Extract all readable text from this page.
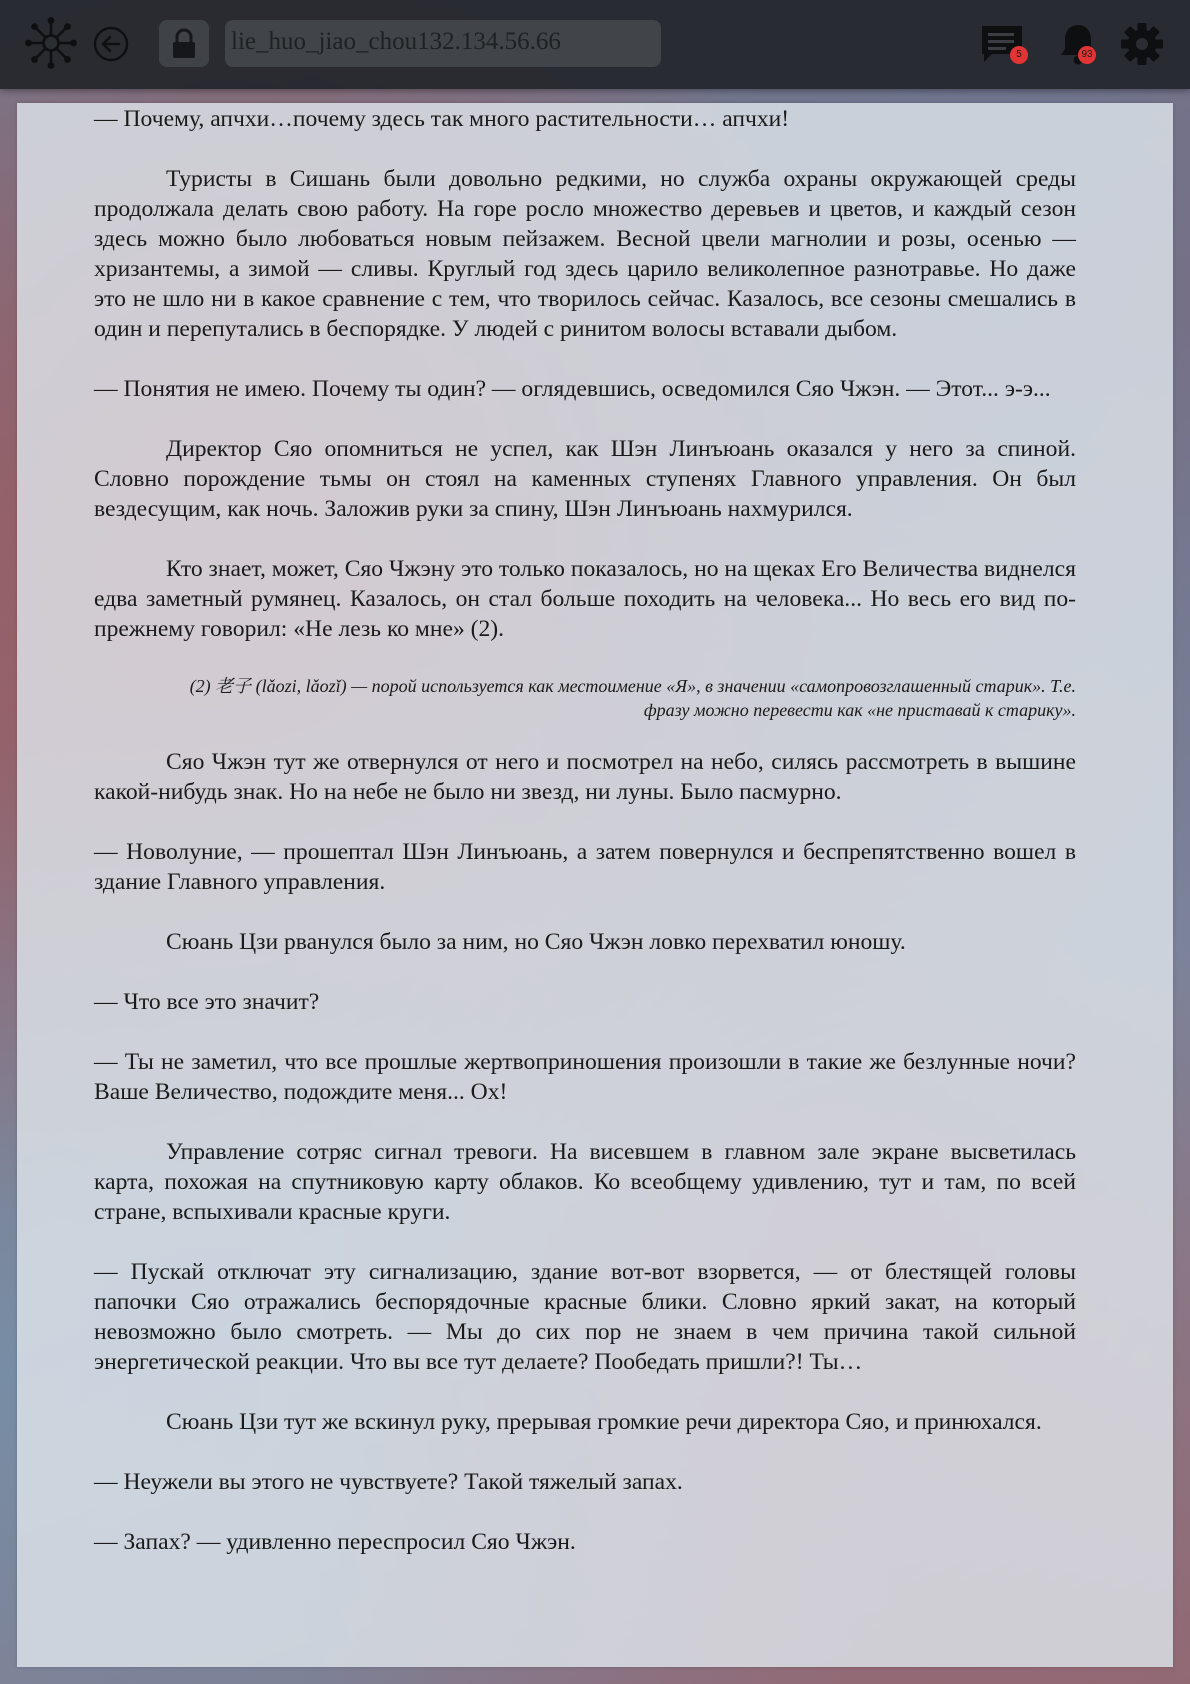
lie_huo_jiao_chou132.134.56.66	5	93

— Почему, апчхи…почему здесь так много растительности… апчхи!

Туристы в Сишань были довольно редкими, но служба охраны окружающей среды продолжала делать свою работу. На горе росло множество деревьев и цветов, и каждый сезон здесь можно было любоваться новым пейзажем. Весной цвели магнолии и розы, осенью — хризантемы, а зимой — сливы. Круглый год здесь царило великолепное разнотравье. Но даже это не шло ни в какое сравнение с тем, что творилось сейчас. Казалось, все сезоны смешались в один и перепутались в беспорядке. У людей с ринитом волосы вставали дыбом.

— Понятия не имею. Почему ты один? — оглядевшись, осведомился Сяо Чжэн. — Этот... э-э...

Директор Сяо опомниться не успел, как Шэн Линъюань оказался у него за спиной. Словно порождение тьмы он стоял на каменных ступенях Главного управления. Он был вездесущим, как ночь. Заложив руки за спину, Шэн Линъюань нахмурился.

Кто знает, может, Сяо Чжэну это только показалось, но на щеках Его Величества виднелся едва заметный румянец. Казалось, он стал больше походить на человека... Но весь его вид по-прежнему говорил: «Не лезь ко мне» (2).

(2) 老子 (lǎozi, lǎozǐ) — порой используется как местоимение «Я», в значении «самопровозглашенный старик». Т.е. фразу можно перевести как «не приставай к старику».

Сяо Чжэн тут же отвернулся от него и посмотрел на небо, силясь рассмотреть в вышине какой-нибудь знак. Но на небе не было ни звезд, ни луны. Было пасмурно.

— Новолуние, — прошептал Шэн Линъюань, а затем повернулся и беспрепятственно вошел в здание Главного управления.

Сюань Цзи рванулся было за ним, но Сяо Чжэн ловко перехватил юношу.

— Что все это значит?

— Ты не заметил, что все прошлые жертвоприношения произошли в такие же безлунные ночи? Ваше Величество, подождите меня... Ох!

Управление сотряс сигнал тревоги. На висевшем в главном зале экране высветилась карта, похожая на спутниковую карту облаков. Ко всеобщему удивлению, тут и там, по всей стране, вспыхивали красные круги.

— Пускай отключат эту сигнализацию, здание вот-вот взорвется, — от блестящей головы папочки Сяо отражались беспорядочные красные блики. Словно яркий закат, на который невозможно было смотреть. — Мы до сих пор не знаем в чем причина такой сильной энергетической реакции. Что вы все тут делаете? Пообедать пришли?! Ты…

Сюань Цзи тут же вскинул руку, прерывая громкие речи директора Сяо, и принюхался.

— Неужели вы этого не чувствуете? Такой тяжелый запах.

— Запах? — удивленно переспросил Сяо Чжэн.
